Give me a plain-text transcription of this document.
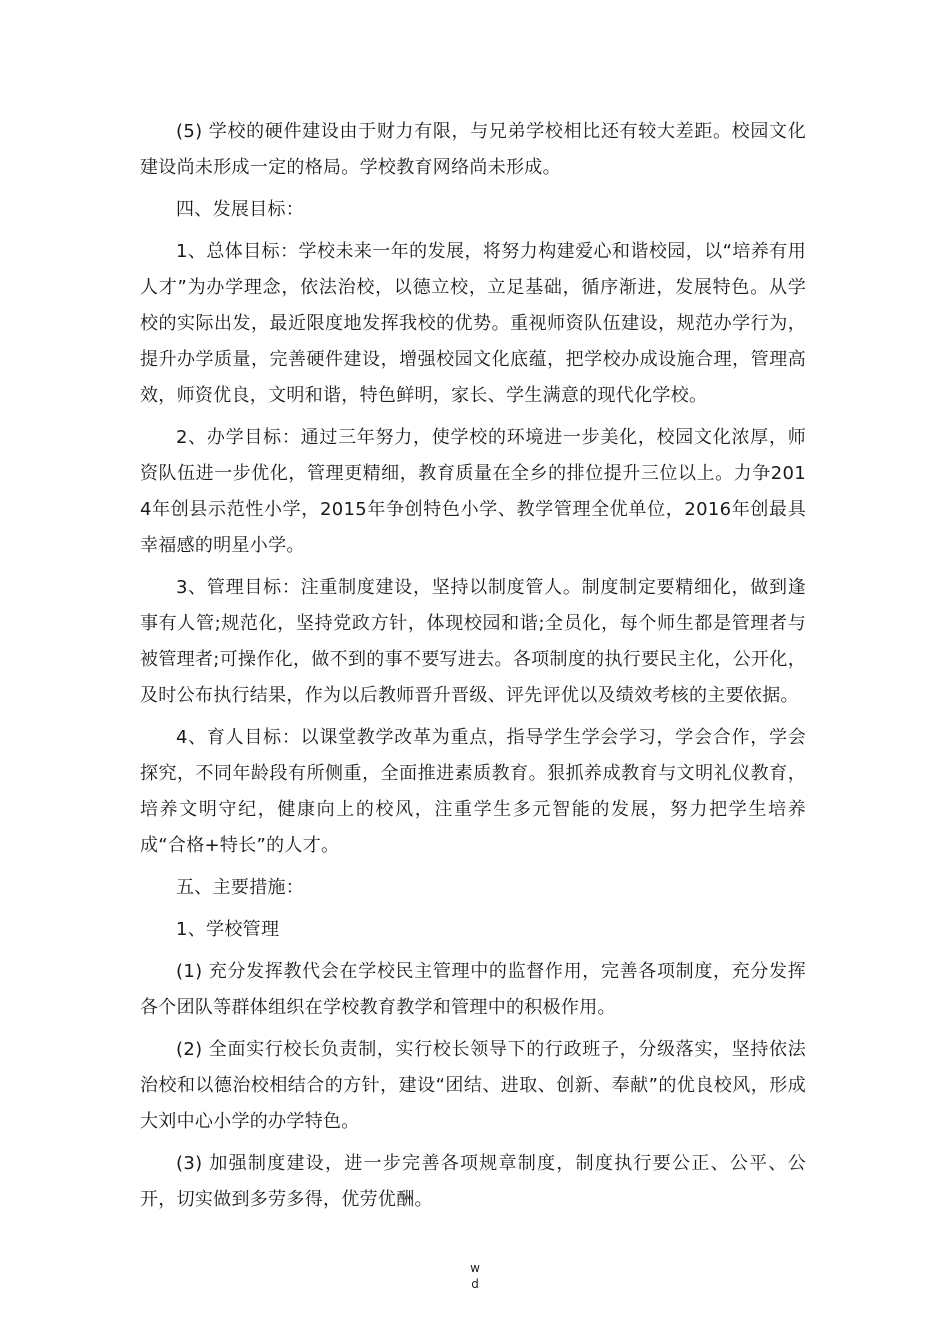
(5) 学校的硬件建设由于财力有限，与兄弟学校相比还有较大差距。校园文化建设尚未形成一定的格局。学校教育网络尚未形成。

四、发展目标：

1、总体目标：学校未来一年的发展，将努力构建爱心和谐校园，以“培养有用人才”为办学理念，依法治校，以德立校，立足基础，循序渐进，发展特色。从学校的实际出发，最近限度地发挥我校的优势。重视师资队伍建设，规范办学行为，提升办学质量，完善硬件建设，增强校园文化底蕴，把学校办成设施合理，管理高效，师资优良，文明和谐，特色鲜明，家长、学生满意的现代化学校。

2、办学目标：通过三年努力，使学校的环境进一步美化，校园文化浓厚，师资队伍进一步优化，管理更精细，教育质量在全乡的排位提升三位以上。力争2014年创县示范性小学，2015年争创特色小学、教学管理全优单位，2016年创最具幸福感的明星小学。

3、管理目标：注重制度建设，坚持以制度管人。制度制定要精细化，做到逢事有人管;规范化，坚持党政方针，体现校园和谐;全员化，每个师生都是管理者与被管理者;可操作化，做不到的事不要写进去。各项制度的执行要民主化，公开化，及时公布执行结果，作为以后教师晋升晋级、评先评优以及绩效考核的主要依据。

4、育人目标：以课堂教学改革为重点，指导学生学会学习，学会合作，学会探究，不同年龄段有所侧重，全面推进素质教育。狠抓养成教育与文明礼仪教育，培养文明守纪，健康向上的校风，注重学生多元智能的发展，努力把学生培养成“合格+特长”的人才。

五、主要措施：

1、学校管理

(1) 充分发挥教代会在学校民主管理中的监督作用，完善各项制度，充分发挥各个团队等群体组织在学校教育教学和管理中的积极作用。

(2) 全面实行校长负责制，实行校长领导下的行政班子，分级落实，坚持依法治校和以德治校相结合的方针，建设“团结、进取、创新、奉献”的优良校风，形成大刘中心小学的办学特色。

(3) 加强制度建设，进一步完善各项规章制度，制度执行要公正、公平、公开，切实做到多劳多得，优劳优酬。

w
d
